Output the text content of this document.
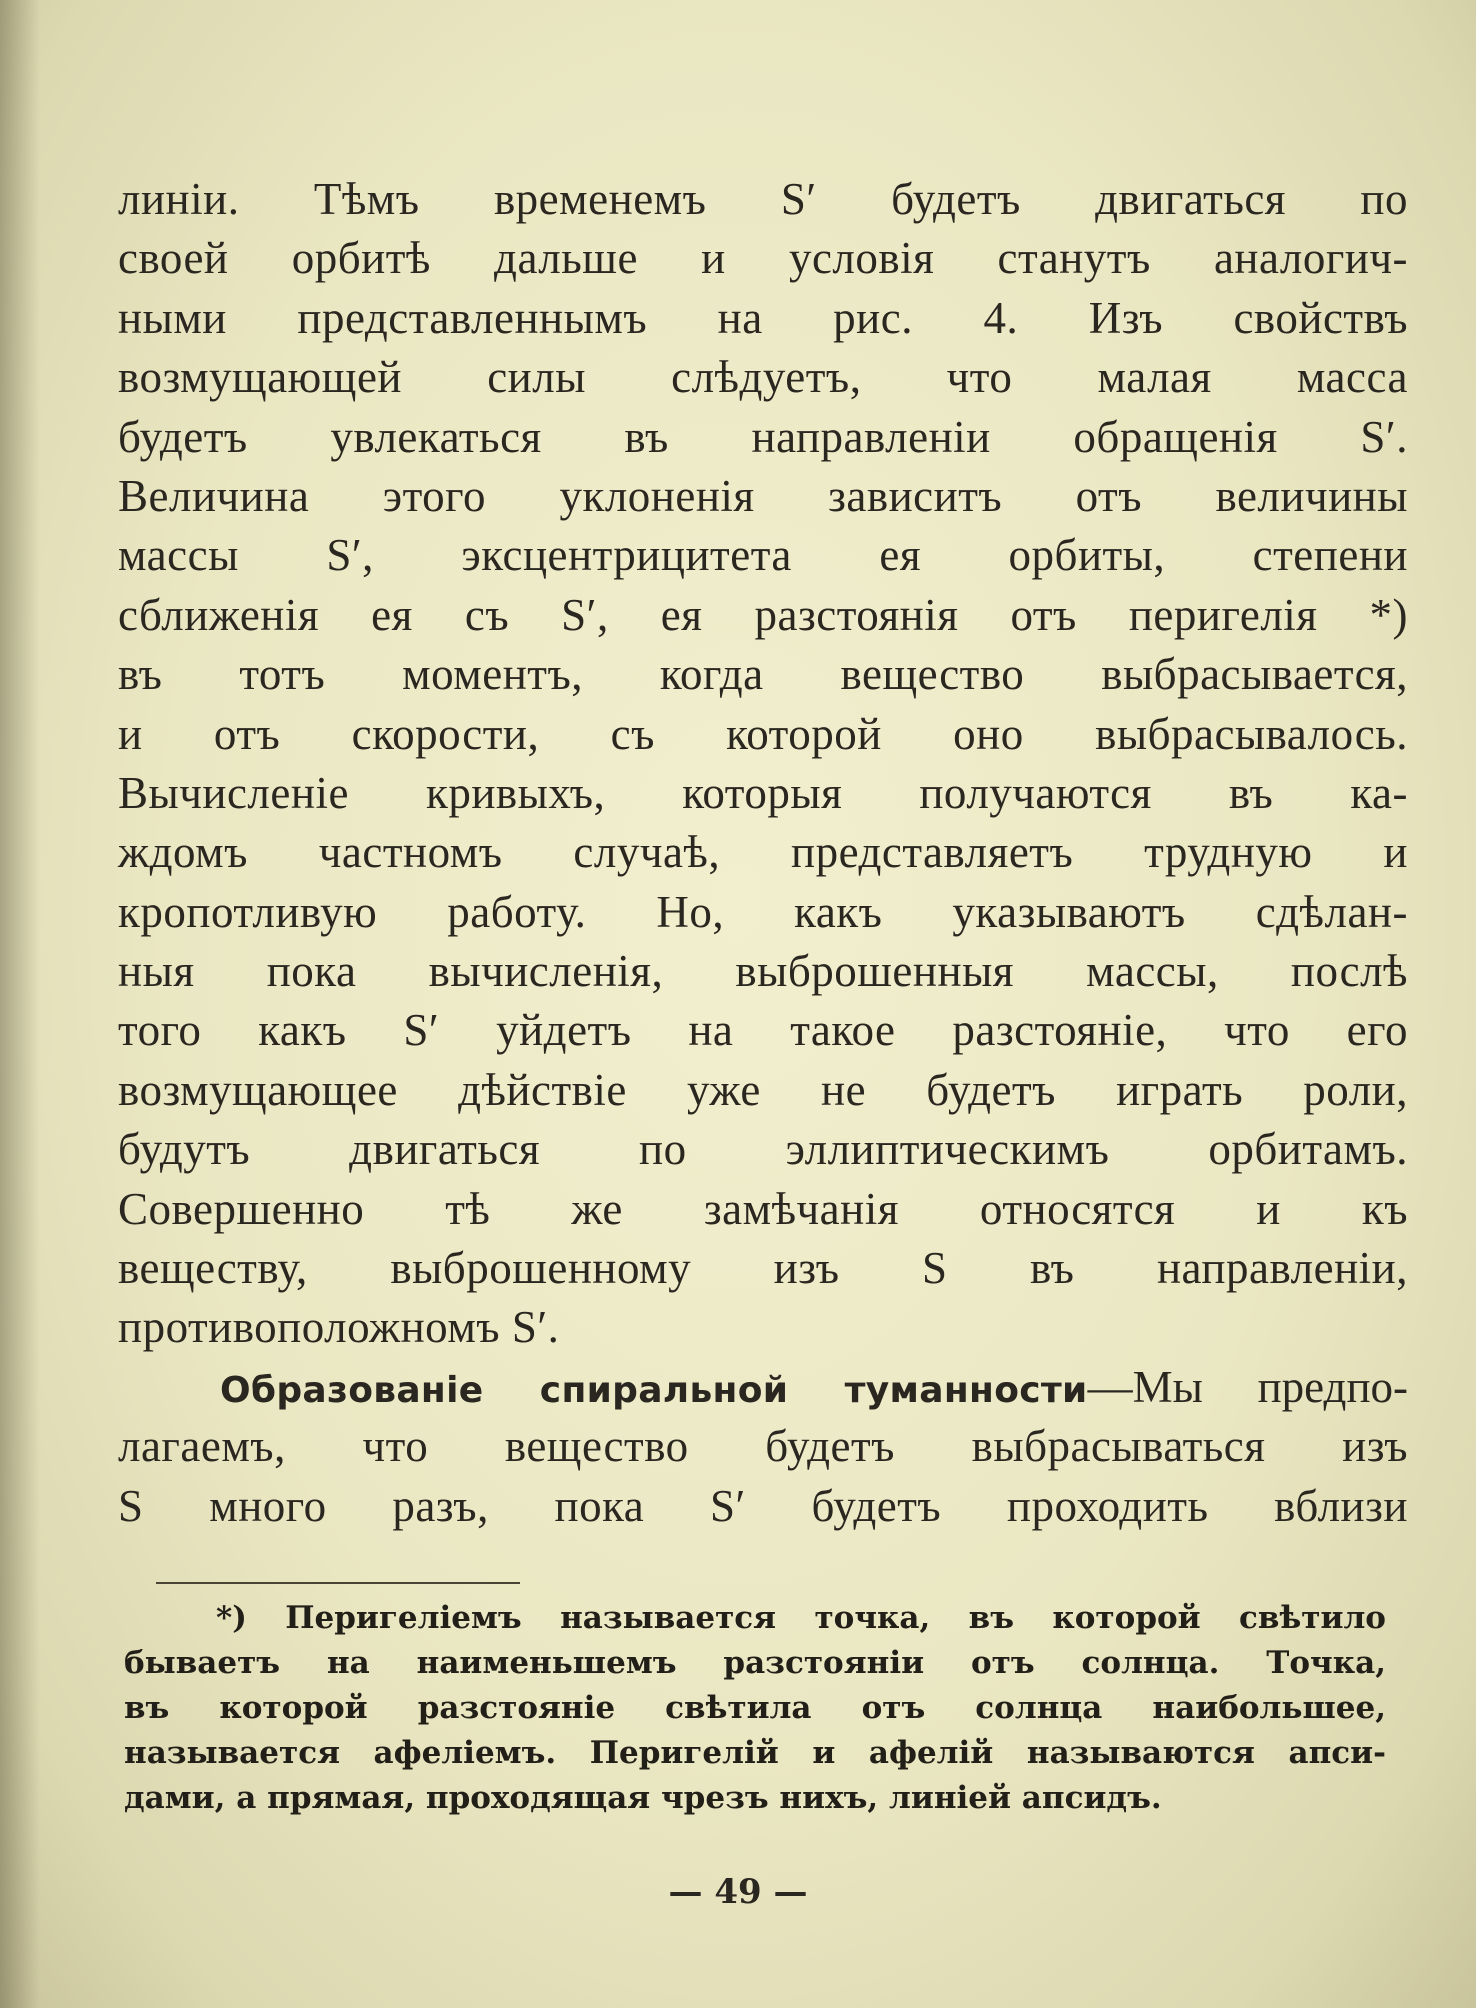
линіи. Тѣмъ временемъ S′ будетъ двигаться по
своей орбитѣ дальше и условія станутъ аналогич-
ными представленнымъ на рис. 4. Изъ свойствъ
возмущающей силы слѣдуетъ, что малая масса
будетъ увлекаться въ направленіи обращенія S′.
Величина этого уклоненія зависитъ отъ величины
массы S′, эксцентрицитета ея орбиты, степени
сближенія ея съ S′, ея разстоянія отъ перигелія *)
въ тотъ моментъ, когда вещество выбрасывается,
и отъ скорости, съ которой оно выбрасывалось.
Вычисленіе кривыхъ, которыя получаются въ ка-
ждомъ частномъ случаѣ, представляетъ трудную и
кропотливую работу. Но, какъ указываютъ сдѣлан-
ныя пока вычисленія, выброшенныя массы, послѣ
того какъ S′ уйдетъ на такое разстояніе, что его
возмущающее дѣйствіе уже не будетъ играть роли,
будутъ двигаться по эллиптическимъ орбитамъ.
Совершенно тѣ же замѣчанія относятся и къ
веществу, выброшенному изъ S въ направленіи,
противоположномъ S′.
Образованіе спиральной туманности—Мы предпо-
лагаемъ, что вещество будетъ выбрасываться изъ
S много разъ, пока S′ будетъ проходить вблизи
*) Перигеліемъ называется точка, въ которой свѣтило
бываетъ на наименьшемъ разстояніи отъ солнца. Точка,
въ которой разстояніе свѣтила отъ солнца наибольшее,
называется афеліемъ. Перигелій и афелій называются апси-
дами, а прямая, проходящая чрезъ нихъ, линіей апсидъ.
— 49 —
